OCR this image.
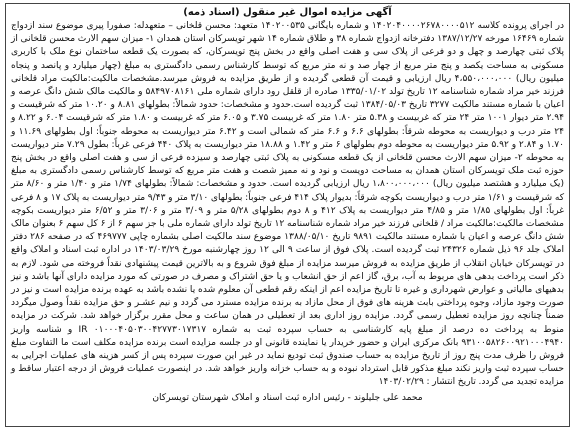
آگهی مزایده اموال غیر منقول (اسناد ذمه)

در اجرای پرونده کلاسه ۱۴۰۲۰۴۰۰۰۰۲۶۷۸۰۰۰۰۵۱۲ و شماره بایگانی ۱۴۰۲۰۰۵۳۵ متعهد: محسن قلخانی – متعهدله: صفورا پیری موضوع سند ازدواج شماره ۱۶۴۶۹ مورخه ۱۳۸۷/۱۲/۲۷ دفترخانه ازدواج شماره ۳۸ و طلاق شماره ۱۴ شهر تویسرکان استان همدان ۱- میزان سهم الارث محسن قلخانی از پلاک ثبتی چهارصد و چهل و دو فرعی از پلاک سی و هفت اصلی واقع در بخش پنج تویسرکان، که بصورت یک قطعه ساختمان نوع ملک با کاربری مسکونی به مساحت یکصد و پنج متر مربع از چهار صد و نه متر مربع که توسط کارشناس رسمی دادگستری به مبلغ (چهار میلیارد و پانصد و پنجاه میلیون ریال) ۴،۵۵۰،۰۰۰،۰۰۰ ریال ارزیابی و قیمت آن قطعی گردیده و از طریق مزایده به فروش میرسد.مشخصات مالکیت:مالکیت مراد قلخانی فرزند خیر مراد شماره شناسنامه ۱۲ تاریخ تولد ۱۳۳۵/۰۱/۰۲ صادره از قلقل رود دارای شماره ملی ۵۸۴۹۷۰۸۱۶۱ و مالکیت مالک شش دانگ عرصه و اعیان با شماره مستند مالکیت ۳۲۷۷ تاریخ ۱۳۸۴/۰۵/۰۳ ثبت گردیده است.حدود و مشخصات: حدود شمالاً: بطولهای ۸.۸۱ و ۱۰.۲۰ متر که شرقیست و ۲.۹۴ متر دیوار ۱۰۰۱ متر ۲۴ متر که غربیست و ۵.۳۸ متر ۱.۸۰ متر که غربیست ۳.۷۵ و ۶.۰۵ متر که غربیست و ۱.۸۰ متر که شرقیست ۶.۰۴ و ۸.۲۲ و ۲۴ متر درب و دیواریست به محوطه شرقاً: بطولهای ۶.۶ و ۶.۶ متر که شمالی است و ۶.۴۲ متر دیواریست به محوطه جنوباً: اول بطولهای ۱۱.۶۹ و ۱.۷۰ و ۲.۸۴ و ۵.۹۲ متر دیواریست به محوطه دوم بطولهای ۶ متر و ۱.۴۲ و ۱۸.۸۸ متر دیواریست به پلاک ۴۴۰ فرعی غرباً: بطول ۷.۲۹ متر دیواریست به محوطه ۲- میزان سهم الارث محسن قلخانی از یک قطعه مسکونی به پلاک ثبتی چهارصد و سیزده فرعی از سی و هفت اصلی واقع در بخش پنج حوزه ثبت ملک تویسرکان استان همدان به مساحت دویست و نود و نه ممیز شصت و هفت متر مربع که توسط کارشناس رسمی دادگستری به مبلغ (یک میلیارد و هشتصد میلیون ریال) ۱،۸۰۰،۰۰۰،۰۰۰ ریال ارزیابی گردیده است. حدود و مشخصات: شمالاً: بطولهای ۱/۷۴ متر و ۱/۴۰ متر و ۸/۶۰ متر که شرقیست و ۱/۶۱ متر درب و دیواریست بکوچه شرقاً: بدیوار پلاک ۴۱۴ فرعی جنوباً: بطولهای ۳/۱۰ متر و ۹/۴۳ متر دیواریست به پلاک ۱۷ و ۸ فرعی غرباً: اول بطولهای ۱/۸۵ متر و ۴/۸۵ متر دیواریست به پلاک ۴۱۲ و ۸ دوم بطولهای ۵/۲۸ متر و ۳/۰۹ متر و ۳/۰۶ متر و ۶/۵۲ متر دیواریست بکوچه مشخصات مالکیت:مالکیت مراد / قلخانی فرزند خیر مراد شماره شناسنامه ۱۲ تاریخ تولد دارای شماره ملی با جز سهم ۶ از ۶ کل سهم ۶ بعنوان مالک شش دانگ عرصه و اعیان با شماره مستند مالکیت ۹۸۹۱ تاریخ ۱۳۸۸/۰۵/۱۰ موضوع سند مالکیت اصلی بشماره چاپی ۴۶۹۷۷۷ که در صفحه ۲۸۶ دفتر املاک جلد ۹۶ ذیل شماره ۲۴۳۲۶ ثبت گردیده است. پلاک فوق از ساعت ۹ الی ۱۲ روز چهارشنبه مورخ ۱۴۰۳/۰۳/۲۹ در اداره ثبت اسناد و املاک واقع در تویسرکان خیابان انقلاب از طریق مزایده به فروش میرسد مزایده از مبلغ فوق شروع و به بالاترین قیمت پیشنهادی نقداً فروخته می شود. لازم به ذکر است پرداخت بدهی های مربوط به آب، برق، گاز اعم از حق انشعاب و یا حق اشتراک و مصرف در صورتی که مورد مزایده دارای آنها باشد و نیز بدهیهای مالیاتی و عوارض شهرداری و غیره تا تاریخ مزایده اعم از اینکه رقم قطعی آن معلوم شده یا نشده باشد به عهده برنده مزایده است و نیز در صورت وجود مازاد، وجوه پرداختی بابت هزینه های فوق از محل مازاد به برنده مزایده مسترد می گردد و نیم عشـر و حق مزایده نقداً وصول میگردد ضمناً چنانچه روز مزایده تعطیل رسمی گردد. مزایده روز اداری بعد از تعطیلی در همان ساعت و محل مقرر برگزار خواهد شد. شرکت در مزایده منوط به پرداخت ده درصد از مبلغ پایه کارشناسی به حساب سپرده ثبت به شماره ۰۱۰۰۰۴۰۵۰۳۰۰۴۲۷۷۳۰۱۷۳۱۷ IR و شناسه واریز ۹۳۱۰۰۵۸۲۶۰۰۹۲۱۰۰۰۴۹۴۰ بانک مرکزی ایران و حضور خریدار یا نماینده قانونی او در جلسه مزایده است برنده مزایده مکلف است ما التفاوت مبلغ فروش را ظرف مدت پنج روز از تاریخ مزایده به حساب صندوق ثبت تودیع نماید در غیر این صورت سپرده پس از کسر هزینه های عملیات اجرایی به حساب سپرده ثبت واریز نکند مبلغ مذکور قابل استرداد نبوده و به حساب خزانه واریز خواهد شد. در اینصورت عملیات فروش از درجه اعتبار ساقط و مزایده تجدید می گردد. تاریخ انتشار : ۱۴۰۳/۰۲/۲۹

محمد علی جلیلوند - رئیس اداره ثبت اسناد و املاک شهرستان تویسرکان
